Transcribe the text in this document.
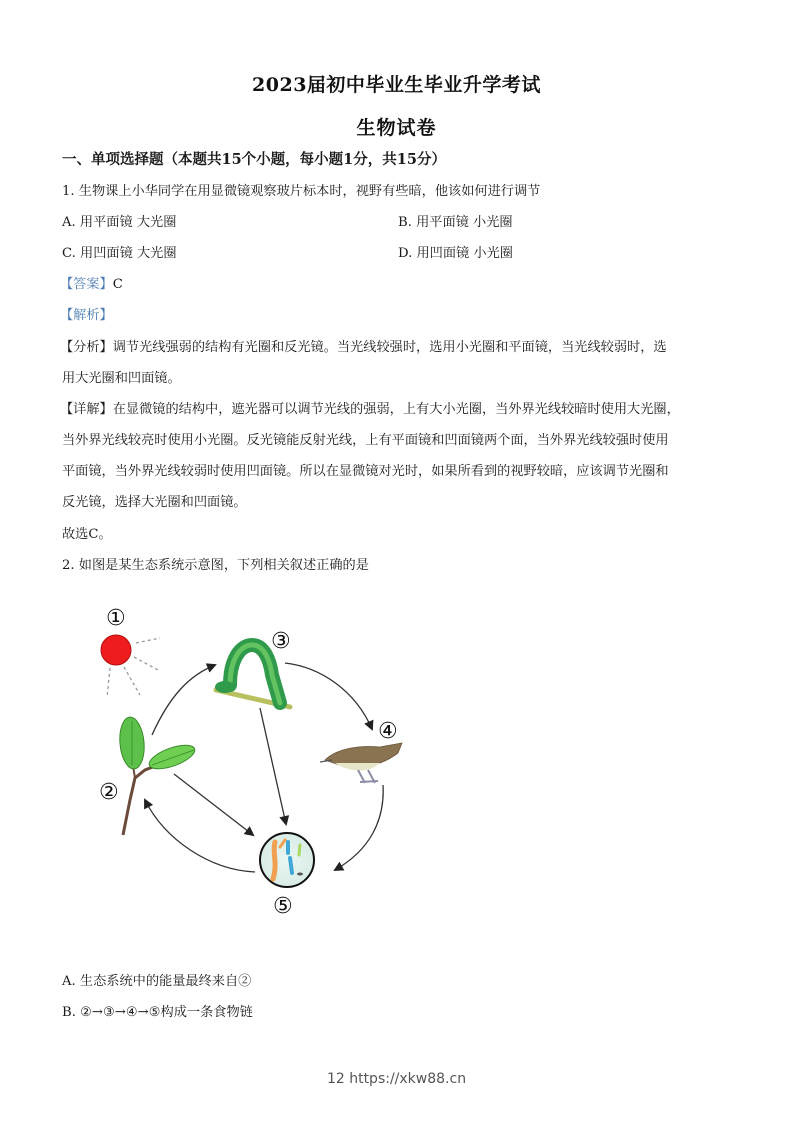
2023届初中毕业生毕业升学考试
生物试卷
一、单项选择题（本题共15个小题，每小题1分，共15分）
1. 生物课上小华同学在用显微镜观察玻片标本时，视野有些暗，他该如何进行调节
A. 用平面镜 大光圈	B. 用平面镜 小光圈
C. 用凹面镜 大光圈	D. 用凹面镜 小光圈
【答案】C
【解析】
【分析】调节光线强弱的结构有光圈和反光镜。当光线较强时，选用小光圈和平面镜，当光线较弱时，选
用大光圈和凹面镜。
【详解】在显微镜的结构中，遮光器可以调节光线的强弱，上有大小光圈，当外界光线较暗时使用大光圈，
当外界光线较亮时使用小光圈。反光镜能反射光线，上有平面镜和凹面镜两个面，当外界光线较强时使用
平面镜，当外界光线较弱时使用凹面镜。所以在显微镜对光时，如果所看到的视野较暗，应该调节光圈和
反光镜，选择大光圈和凹面镜。
故选C。
2. 如图是某生态系统示意图，下列相关叙述正确的是
①
②
③
④
⑤
A. 生态系统中的能量最终来自②
B. ②→③→④→⑤构成一条食物链
12 https://xkw88.cn
